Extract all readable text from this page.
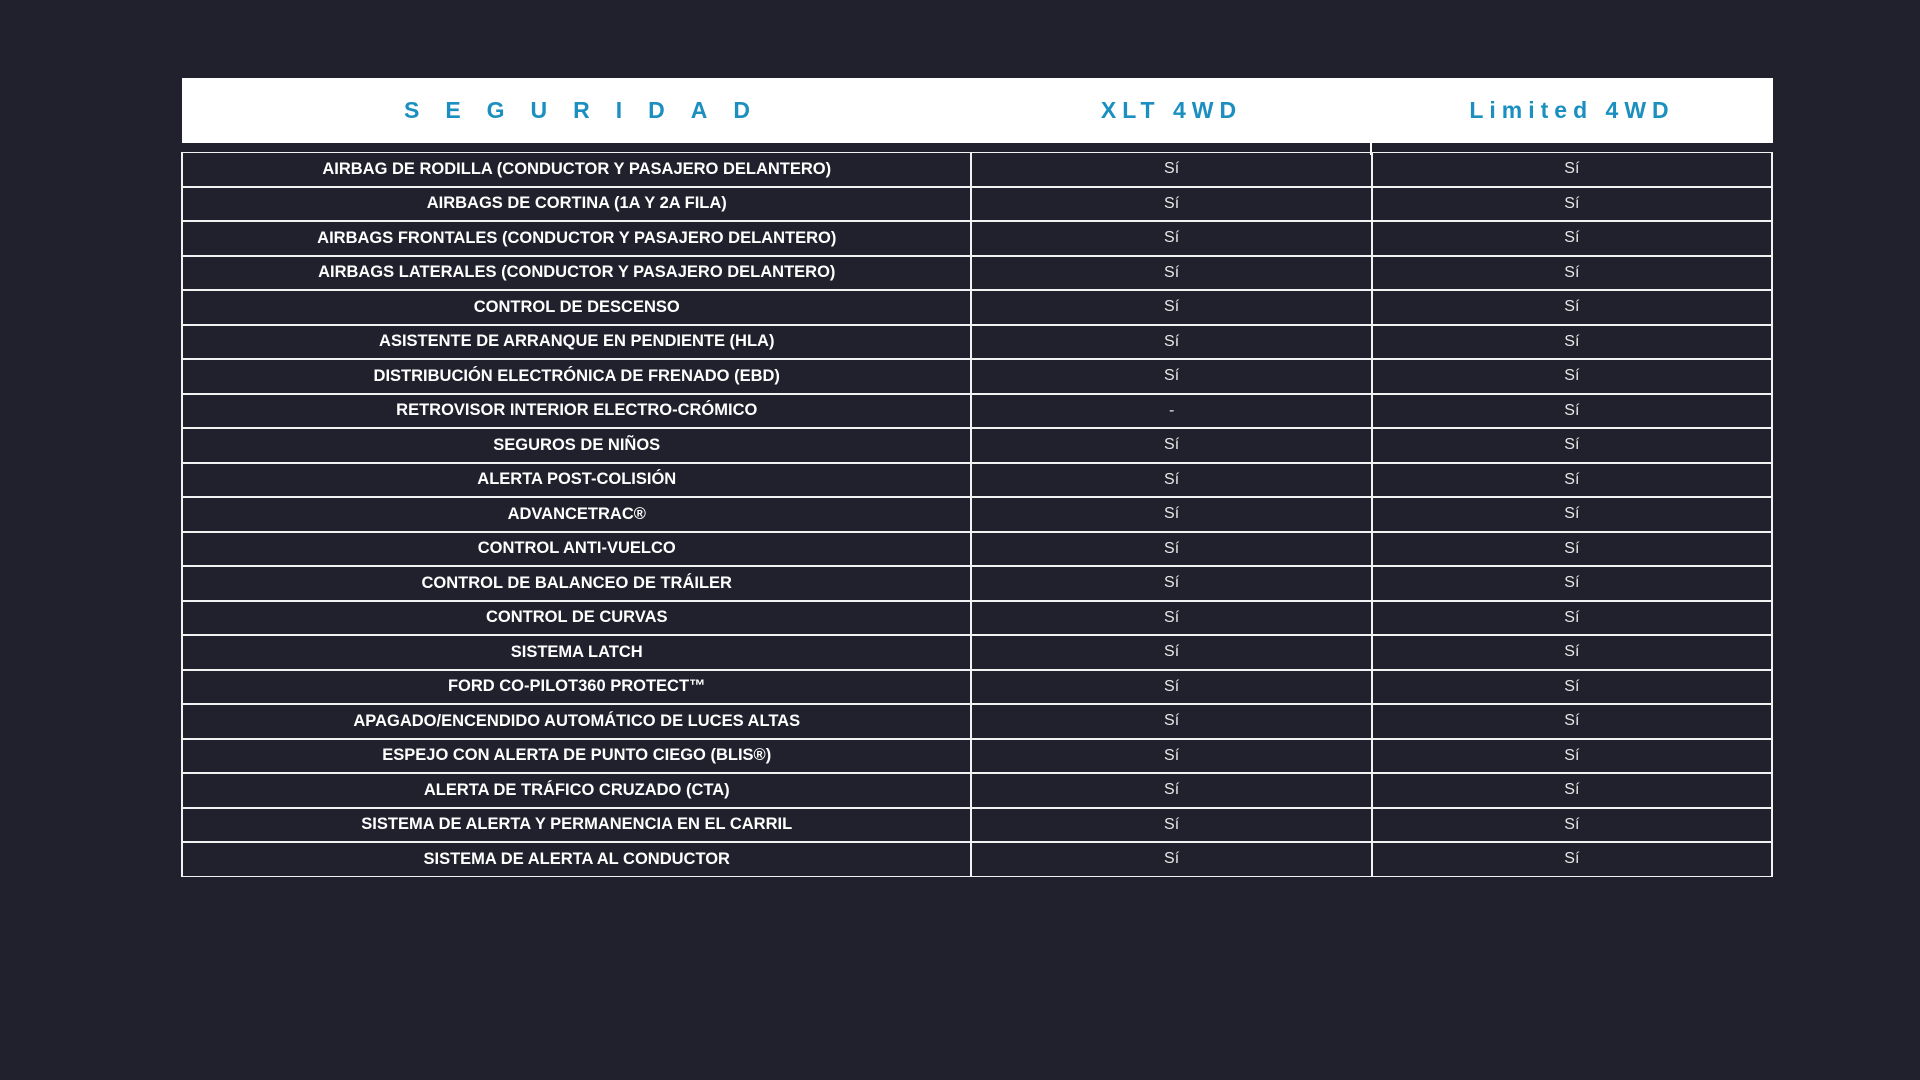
SEGURIDAD	XLT 4WD	Limited 4WD
AIRBAG DE RODILLA (CONDUCTOR Y PASAJERO DELANTERO)	Sí	Sí
AIRBAGS DE CORTINA (1A Y 2A FILA)	Sí	Sí
AIRBAGS FRONTALES (CONDUCTOR Y PASAJERO DELANTERO)	Sí	Sí
AIRBAGS LATERALES (CONDUCTOR Y PASAJERO DELANTERO)	Sí	Sí
CONTROL DE DESCENSO	Sí	Sí
ASISTENTE DE ARRANQUE EN PENDIENTE (HLA)	Sí	Sí
DISTRIBUCIÓN ELECTRÓNICA DE FRENADO (EBD)	Sí	Sí
RETROVISOR INTERIOR ELECTRO-CRÓMICO	-	Sí
SEGUROS DE NIÑOS	Sí	Sí
ALERTA POST-COLISIÓN	Sí	Sí
ADVANCETRAC®	Sí	Sí
CONTROL ANTI-VUELCO	Sí	Sí
CONTROL DE BALANCEO DE TRÁILER	Sí	Sí
CONTROL DE CURVAS	Sí	Sí
SISTEMA LATCH	Sí	Sí
FORD CO-PILOT360 PROTECT™	Sí	Sí
APAGADO/ENCENDIDO AUTOMÁTICO DE LUCES ALTAS	Sí	Sí
ESPEJO CON ALERTA DE PUNTO CIEGO (BLIS®)	Sí	Sí
ALERTA DE TRÁFICO CRUZADO (CTA)	Sí	Sí
SISTEMA DE ALERTA Y PERMANENCIA EN EL CARRIL	Sí	Sí
SISTEMA DE ALERTA AL CONDUCTOR	Sí	Sí
